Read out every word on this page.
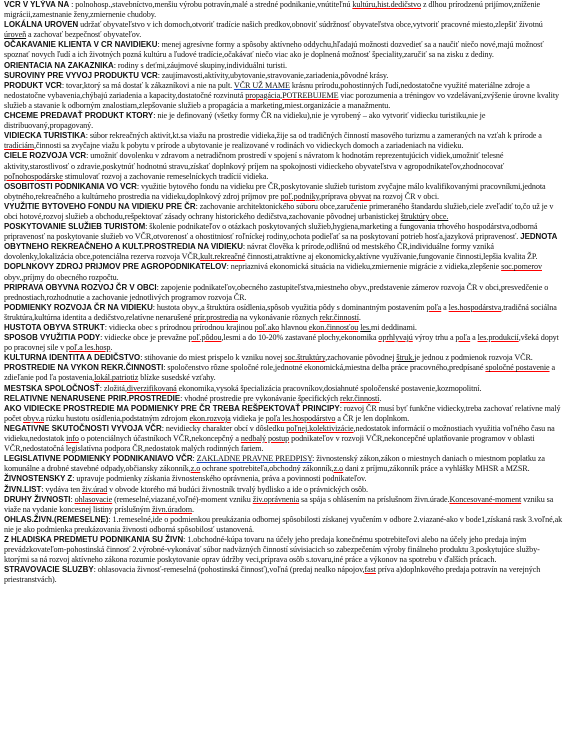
VCR V YLÝVA NA : polnohosp.,stavebníctvo,menšiu výrobu potravín,malé a stredné podnikanie,vnútiteľnú kultúru,hist.dedičstvo z dlhou prírodzenú prijímov,zníženie migrácii,zamestnanie ženy,zmiernenie chudoby.

LOKÁLNA UROVEN udržať obyvateľstvo v ich domoch,otvoriť tradície našich predkov,obnoviť súdržnosť obyvateľstva obce,vytvoriť pracovné miesto,zlepšiť životnú úroveň a zachovať bezpečnosť obyvateľov.

OČAKAVANIE KLIENTA V CR NAVIDIEKU: menej agresívne formy a spôsoby aktívneho oddychu,hľadajú možnosti dozvedieť sa a naučiť niečo nové,majú možnosť spoznať novych ľudí a ich životných pozná kultúru a ľudové tradície,očakávať niečo viac ako je doplnená možnosť špeciality,zaručiť sa na zisku z dediny.

ORIENTACIA NA ZAKAZNIKA: rodiny s deťmi,záujmové skupiny,individuálni turisti.

SUROVINY PRE VYVOJ PRODUKTU VCR: zaujímavosti,aktívity,ubytovanie,stravovanie,zariadenia,pôvodné krásy.

PRODUKT VCR: tovar,ktorý sa má dostať k zákazníkovi a nie na pult. VČR UŽ MAME krásnu prírodu,pohostinných ľudí,nedostatočne využité materiálne zdroje a nedostatočne vybavenia,chýbajú zariadenia a kapacity,dostatočné rozvinutá propagácia,POTREBUJEME viac porozumenia a tréningov vo vzdelávaní,zvýšenie úrovne kvality služieb a stavanie k odborným znalostiam,zlepšovanie služieb a propagácia a marketing,miest.organizácie a manažmentu.

CHCEME PREDAVAŤ PRODUKT KTORY: nie je definovaný (všetky formy ČR na vidieku),nie je vyrobený – ako vytvoriť vidiecku turistiku,nie je distribuovaný,propagovaný.

VIDIECKA TURISTIKA: súbor rekreačných aktivít,kt.sa viažu na prostredie vidieka,žije sa od tradičných činností masového turizmu a zameraných na vzťah k prírode a tradíciám,činnosti sa zvyčajne viažu k pobytu v prírode a ubytovanie je realizované v rodinách vo vidieckych domoch a zariadeniach na vidieku.

CIELE ROZVOJA VCR: umožniť dovolenku v zdravom a netradičnom prostredí v spojení s návratom k hodnotám reprezentujúcich vidiek,umožniť telesné aktivity,starostlivosť o zdravie,poskytnúť hodnotnú stravu,získať doplnkový príjem na spokojnosti vidieckeho obyvateľstva v agropodnikateľov,zhodnocovať poľnohospodárske stimulovať rozvoj a zachovanie remeselníckych tradícií vidieka.

OSOBITOSTI PODNIKANIA VO VCR: využitie bytového fondu na vidieku pre ČR,poskytovanie služieb turistom zvyčajne málo kvalifikovanými pracovníkmi,jednota obytného,rekreačného a kultúrneho prostredia na vidieku,doplnkový zdroj príjmov pre poľ.podniky,príprava obyvat na rozvoj ČR v obci.

VYUŽITIE BYTOVEHO FONDU NA VIDIEKU PRE ČR: zachovanie architektonického súboru obce,zaručenie primeraného štandardu služieb,ciele zveľadiť to,čo už je v obci hotové,rozvoj služieb a obchodu,rešpektovať zásady ochrany historického dedičstva,zachovanie pôvodnej urbanistickej štruktúry obce.

POSKYTOVANIE SLUŽIEB TURISTOM: školenie podnikateľov o otázkach poskytovaných služieb,hygiena,marketing a fungovania trhového hospodárstva,odborná pripravenosť na poskytovanie služieb vo VČR,otvorenosť a ohostitniosť roľníckej rodiny,ochota podieľať sa na poskytovaní potrieb hosťa,jazyková pripravenosť. JEDNOTA OBYTNEHO REKREAČNEHO A KULT.PROSTREDIA NA VIDIEKU: návrat člověka k prírode,odlišnú od mestského ČR,individuálne formy vzniká dovolenky,lokalizácia obce,potenciálna rezerva rozvoja VČR,kult.rekreačné činnosti,atraktívne aj ekonomicky,aktívne využívanie,fungovanie činnosti,lepšia kvalita ŽP.

DOPLNKOVY ZDROJ PRIJMOV PRE AGROPODNIKATELOV: nepriaznivá ekonomická situácia na vidieku,zmiernenie migrácie z vidieka,zlepšenie soc.pomerov obyv.,príjmy do obecného rozpočtu.

PRIPRAVA OBYVNA ROZVOJ ČR V OBCI: zapojenie podnikateľov,obecného zastupiteľstva,miestneho obyv.,predstavenie zámerov rozvoja ČR v obci,presvedčenie o prednostiach,rozhodnutie a zachovanie jednotlivých programov rozvoja ČR.

PODMIENKY ROZVOJA ČR NA VIDIEKU: hustota obyv.,a štruktúra osídlenia,spôsob využitia pôdy s dominantným postavením poľa a les.hospodárstva,tradičná sociálna štruktúra,kultúrna identita a dedičstvo,relatívne nenarušené prír.prostredia na vykonávanie rôznych rekr.činností.

HUSTOTA OBYVA STRUKT: vidiecka obec s prírodnou prírodnou krajinou poľ.ako hlavnou ekon.činnosťou les.mi deddinami.

SPOSOB VYUŽITIA PODY: vidiecke obce je prevažne poľ.pôdou,lesmi a do 10-20% zastavané plochy,ekonomika oprhlyvajú výroy trhu a poľa a les.produkcií,všeká dopyt po pracovnej sile v poľ.a les.hosp.

KULTURNA IDENTITA A DEDIČSTVO: stihovanie do miest prispelo k vzniku novej soc.štruktúry,zachovanie pôvodnej štruk.je jednou z podmienok rozvoja VČR.

PROSTREDIE NA VYKON REKR.ČINNOSTI: spoločenstvo rôzne spoločné role,jednotné ekonomická,miestna delba práce pracovného,predpísané spoločné postavenie a zdieľanie pod ľa postavenia,lokál.patriotiz blízke susedské vzťahy.

MESTSKA SPOLOČNOSŤ: zložitá,diverzifikovaná ekonomika,vysoká špecializácia pracovníkov,dosiahnuté spoločenské postavenie,kozmopolitní.

RELATIVNE NENARUSENE PRIR.PROSTREDIE: vhodné prostredie pre vykonávanie špecifických rekr.činností.

AKO VIDIECKE PROSTREDIE MA PODMIENKY PRE ČR TREBA REŠPEKTOVAŤ PRINCIPY: rozvoj ČR musí byť funkčne vidiecky,treba zachovať relatívne malý počet obyv.a rúzku hustotu osídlenia,podstatným zdrojom ekon.rozvoja vidieka je poľa les.hospodárstvo a ČR je len doplnkom.

NEGATIVNE SKUTOČNOSTI VYVOJA VČR: nevidiecky charakter obcí v dôsledku poľnej.kolektivizácie,nedostatok informácií o možnostiach využitia voľného času na vidieku,nedostatok info o potenciálnych účastníkoch VČR,nekoncepčný a nedbalý postup podnikateľov v rozvoji VČR,nekoncepčné uplatňovanie programov v oblasti VČR,nedostatočná legislatívna podpora ČR,nedostatok malých rodinných fariem.

LEGISLATIVNE PODMIENKY PODNIKANIAVO VČR: ZAKLADNE PRAVNE PREDPISY: živnostenský zákon,zákon o miestnych daniach o miestnom poplatku za komunálne a drobné stavebné odpady,občiansky zákonník,z.o ochrane spotrebiteľa,obchodný zákonník,z.o dani z príjmu,zákonník práce a vyhlášky MHSR a MZSR.

ŽIVNOSTENSKY Z: upravuje podmienky získania živnostenského oprávnenia, práva a povinnosti podnikateľov.

ŽIVN.LIST: vydáva ten živ.úrad v obvode ktorého má budúci živnostník trvalý bydlisko a ide o právnických osôb.

DRUHY ŽIVNOSTI: ohlasovacie (remeselné,viazané,voľné)-moment vzniku živ.oprávnenia sa spája s ohlásením na príslušnom živn.úrade.Koncesované-moment vzniku sa viaže na vydanie koncesnej listiny príslušným živn.úradom.

OHLAS.ŽIVN.(REMESELNE): 1.remeselné,ide o podmienkou preukázania odbornej spôsobilosti získanej vyučením v odbore 2.viazané-ako v bode1,získaná rask 3.voľné,ak nie je ako podmienka preukázovania živnosti odborná spôsobilosť ustanovená.

Z HLADISKA PREDMETU PODNIKANIA SU ŽIVN: 1.obchodné-kúpa tovaru na účely jeho predaja konečnému spotrebiteľovi alebo na účely jeho predaja iným prevádzkovateľom-pohostinská činnosť 2.výrobné-vykonávať súbor nadväzných činností súvisiacich so zabezpečením výroby finálneho produktu 3.poskytujúce služby-ktorými sa ná rozvoj aktívneho zákona rozumie poskytovanie oprav údržby veci,príprava osôb s.tovaru,iné práce a výkonov na spotrebu v ďalších prácach.

STRAVOVACIE SLUZBY: ohlasovacia živnosť-remeselná (pohostinská činnosť),voľná (predaj nealko nápojov,fast príva a)doplnkového predaja potravín na verejných priestranstvách).
